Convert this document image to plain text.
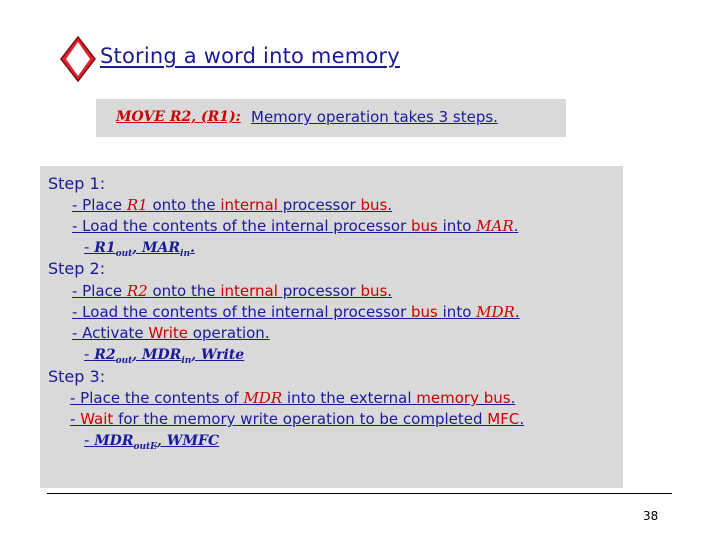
Storing a word into memory
MOVE R2, (R1): Memory operation takes 3 steps.
Step 1:
- Place R1 onto the internal processor bus.
- Load the contents of the internal processor bus into MAR.
- $R1_{out}$, $MAR_{in}$.
Step 2:
- Place R2 onto the internal processor bus.
- Load the contents of the internal processor bus into MDR.
- Activate Write operation.
- $R2_{out}$, $MDR_{in}$, Write
Step 3:
- Place the contents of MDR into the external memory bus.
- Wait for the memory write operation to be completed MFC.
- $MDR_{outE}$, WMFC
38
